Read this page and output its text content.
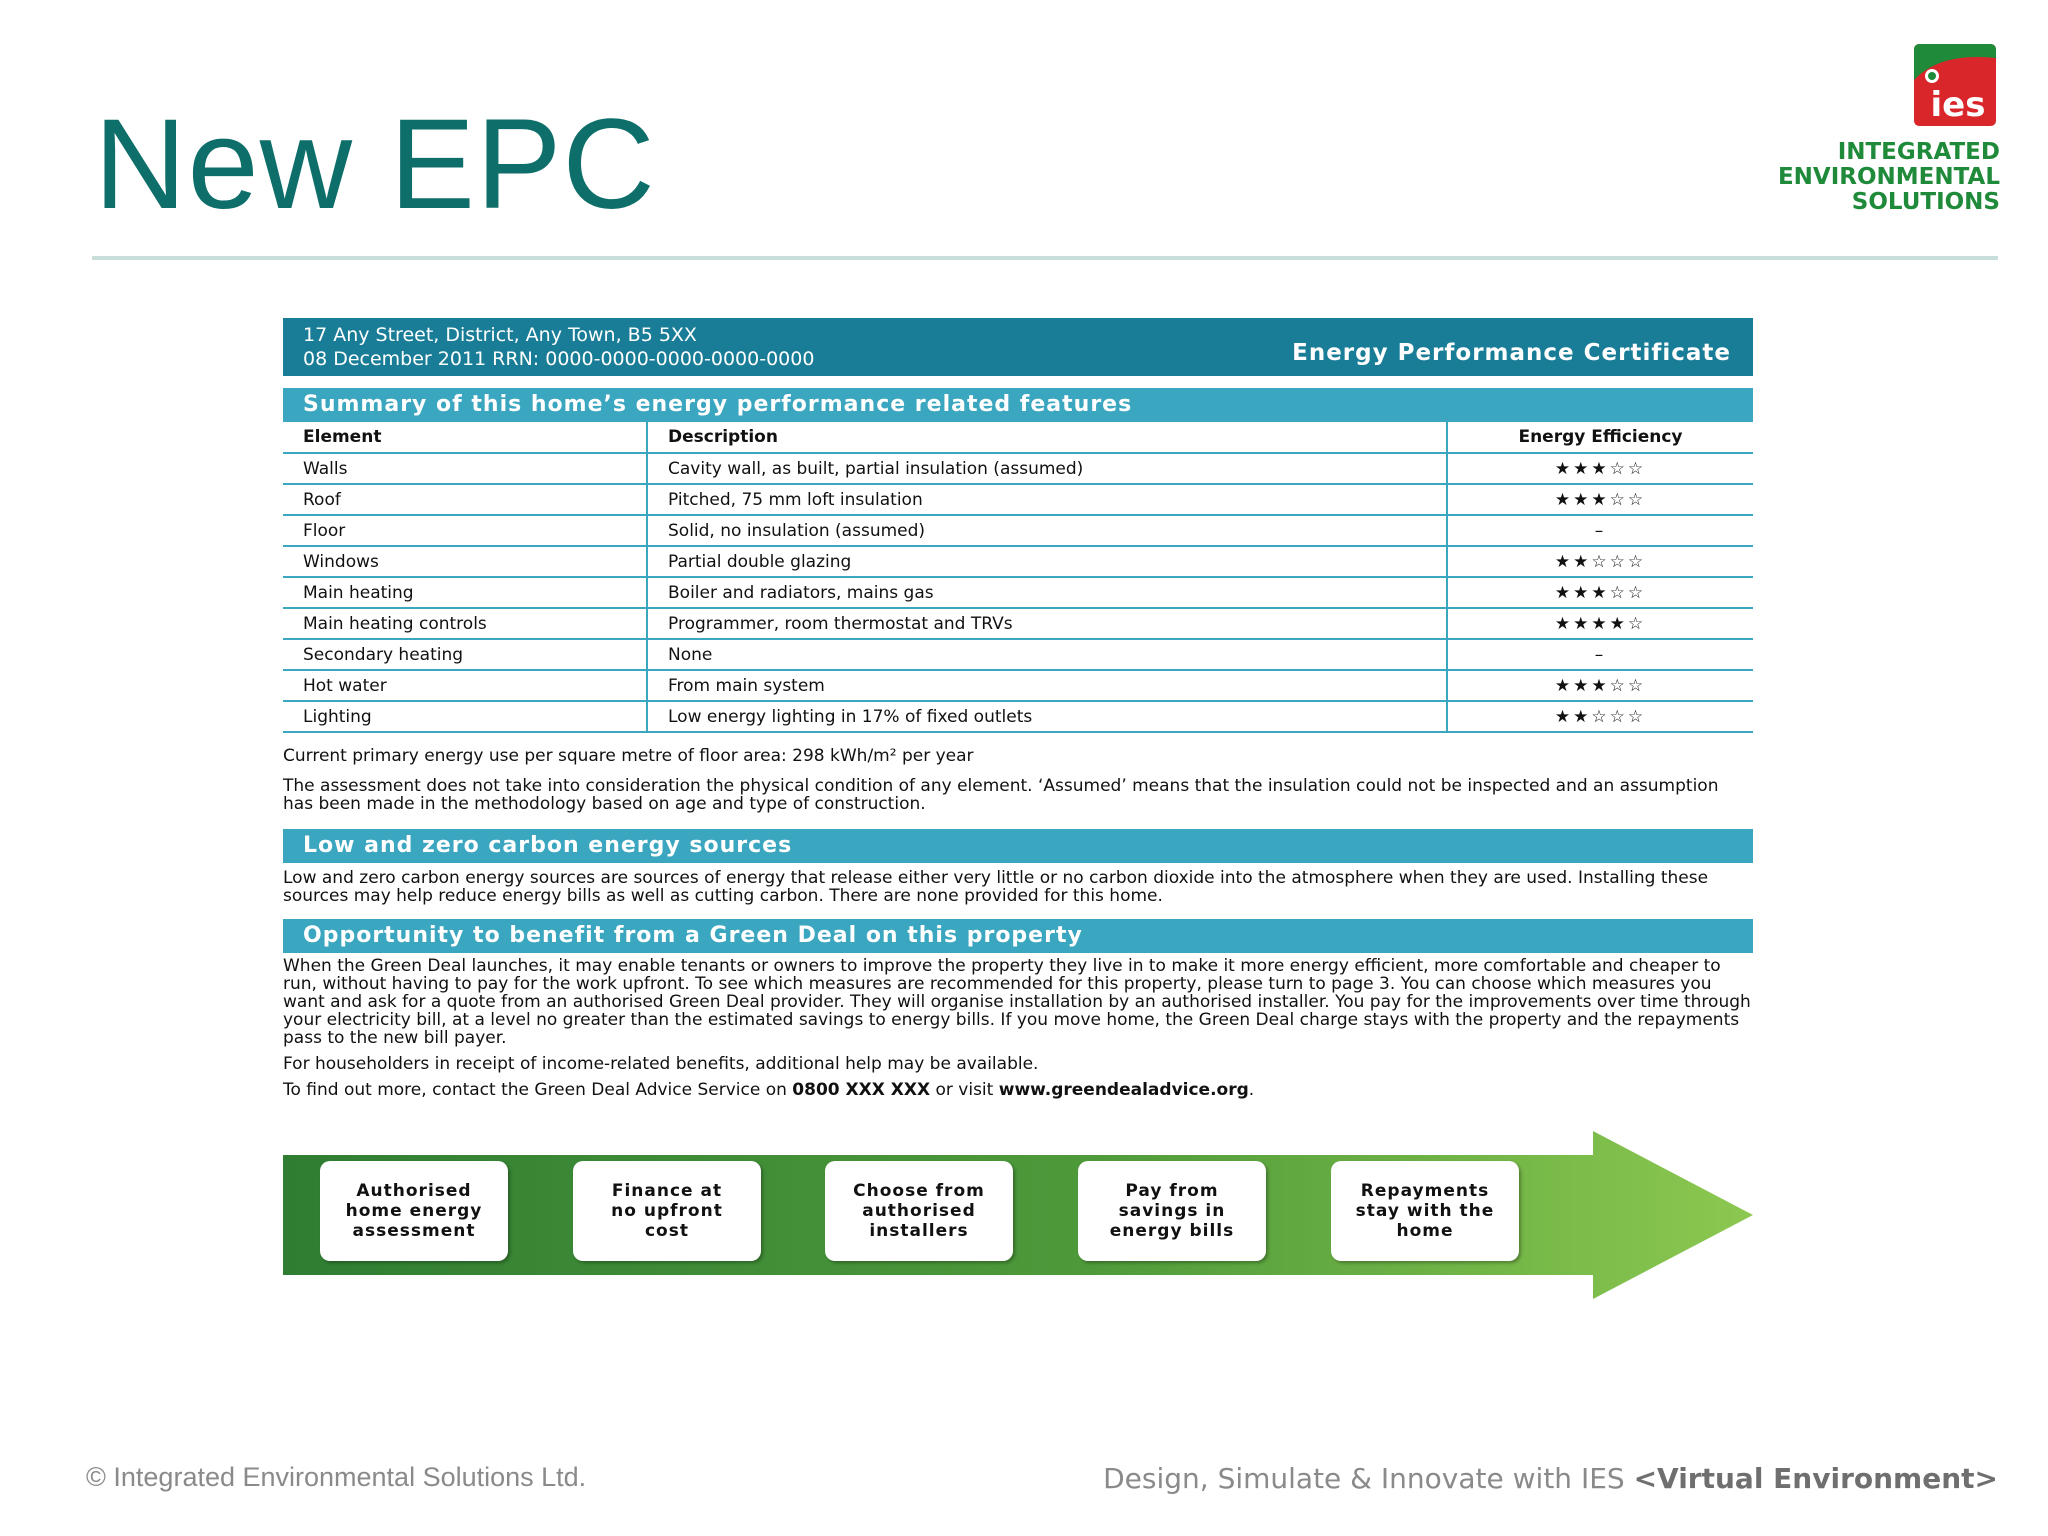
New EPC	ies
INTEGRATED
ENVIRONMENTAL
SOLUTIONS
17 Any Street, District, Any Town, B5 5XX
08 December 2011 RRN: 0000-0000-0000-0000-0000	Energy Performance Certificate
Summary of this home’s energy performance related features
Element	Description	Energy Efficiency
Walls	Cavity wall, as built, partial insulation (assumed)	★★★☆☆
Roof	Pitched, 75 mm loft insulation	★★★☆☆
Floor	Solid, no insulation (assumed)	–
Windows	Partial double glazing	★★☆☆☆
Main heating	Boiler and radiators, mains gas	★★★☆☆
Main heating controls	Programmer, room thermostat and TRVs	★★★★☆
Secondary heating	None	–
Hot water	From main system	★★★☆☆
Lighting	Low energy lighting in 17% of fixed outlets	★★☆☆☆

Current primary energy use per square metre of floor area: 298 kWh/m² per year

The assessment does not take into consideration the physical condition of any element. ‘Assumed’ means that the insulation could not be inspected and an assumption has been made in the methodology based on age and type of construction.

Low and zero carbon energy sources

Low and zero carbon energy sources are sources of energy that release either very little or no carbon dioxide into the atmosphere when they are used. Installing these sources may help reduce energy bills as well as cutting carbon. There are none provided for this home.

Opportunity to benefit from a Green Deal on this property

When the Green Deal launches, it may enable tenants or owners to improve the property they live in to make it more energy efficient, more comfortable and cheaper to run, without having to pay for the work upfront. To see which measures are recommended for this property, please turn to page 3. You can choose which measures you want and ask for a quote from an authorised Green Deal provider. They will organise installation by an authorised installer. You pay for the improvements over time through your electricity bill, at a level no greater than the estimated savings to energy bills. If you move home, the Green Deal charge stays with the property and the repayments pass to the new bill payer.

For householders in receipt of income-related benefits, additional help may be available.

To find out more, contact the Green Deal Advice Service on 0800 XXX XXX or visit www.greendealadvice.org.

Authorised
home energy
assessment
Finance at
no upfront
cost
Choose from
authorised
installers
Pay from
savings in
energy bills
Repayments
stay with the
home
© Integrated Environmental Solutions Ltd.	Design, Simulate & Innovate with IES <Virtual Environment>
